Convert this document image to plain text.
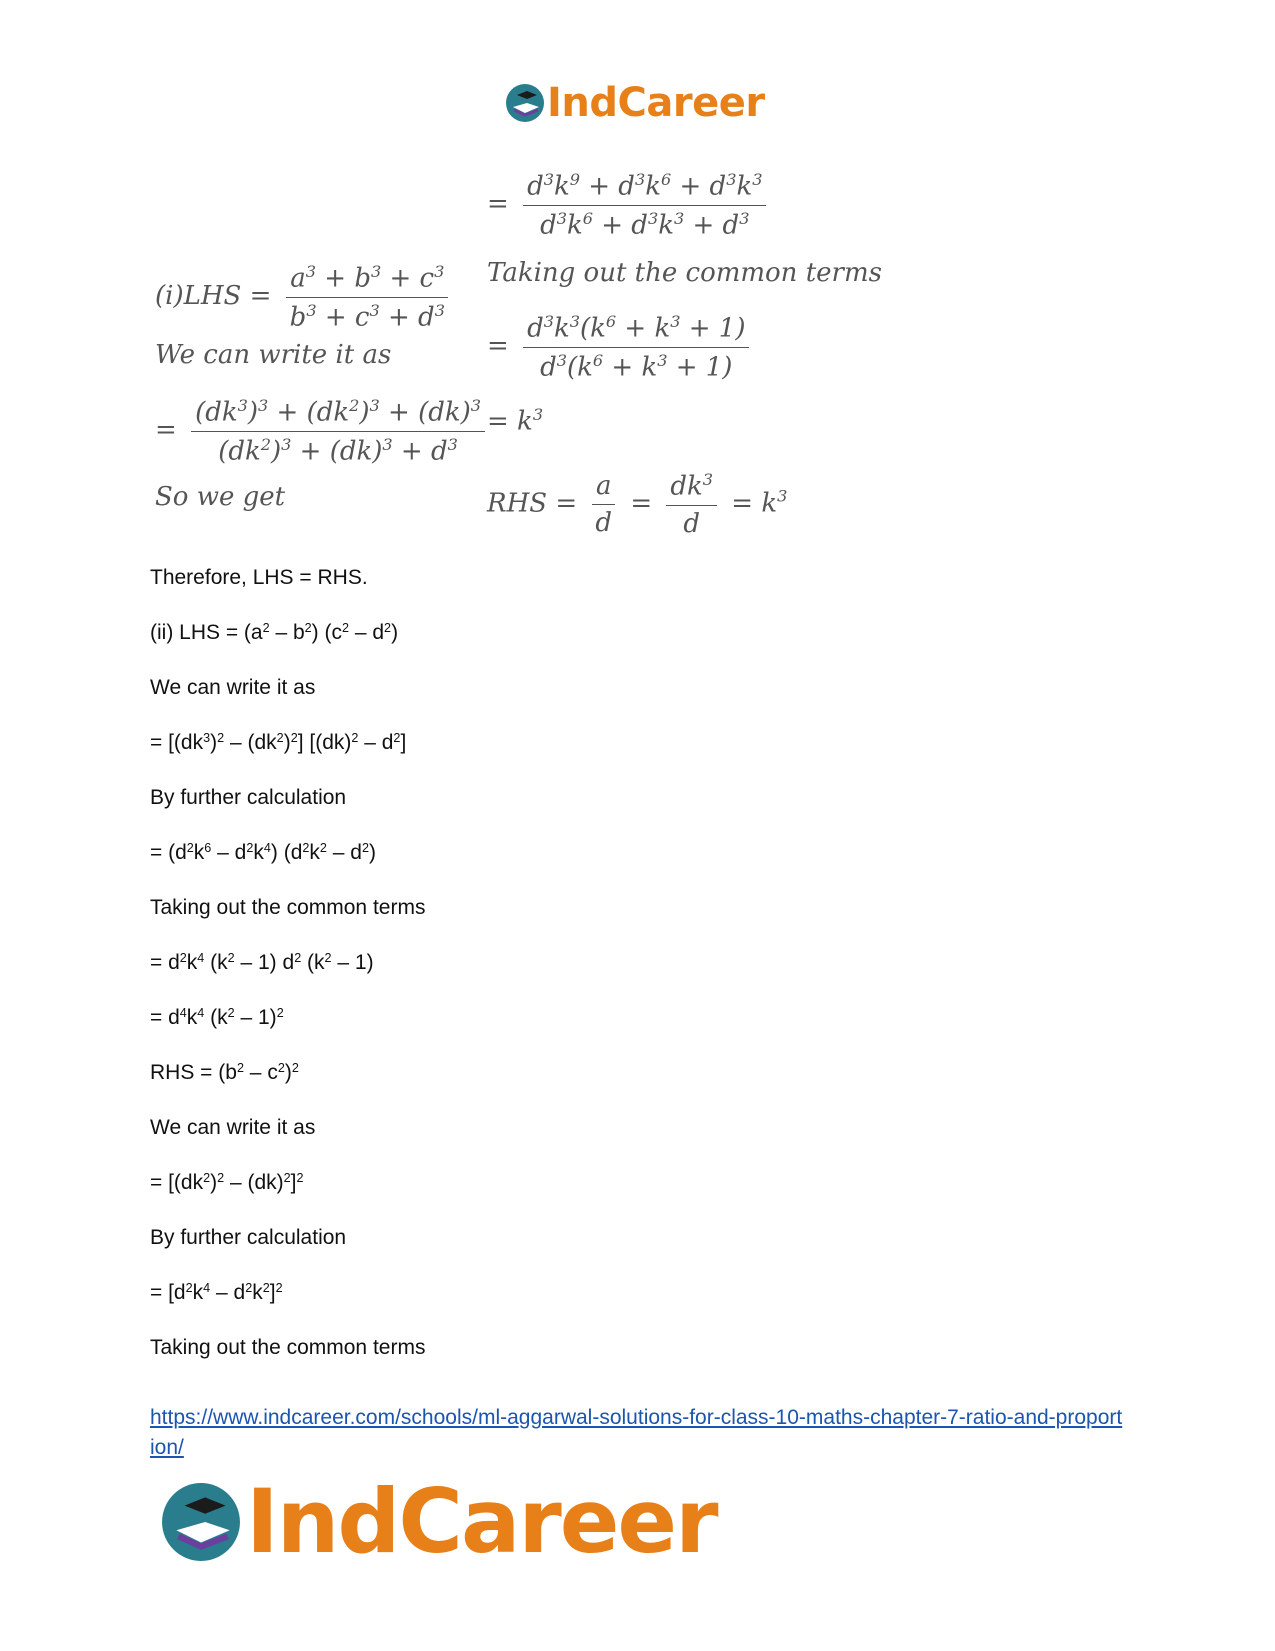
IndCareer
$(i)LHS = \frac{a^3 + b^3 + c^3}{b^3 + c^3 + d^3}$
We can write it as
= $\frac{(dk^3)^3 + (dk^2)^3 + (dk)^3}{(dk^2)^3 + (dk)^3 + d^3}$
So we get
= $\frac{d^3k^9 + d^3k^6 + d^3k^3}{d^3k^6 + d^3k^3 + d^3}$
Taking out the common terms
= $\frac{d^3k^3(k^6 + k^3 + 1)}{d^3(k^6 + k^3 + 1)}$
= $k^3$
RHS = $\frac{a}{d} = \frac{dk^3}{d} = k^3$
Therefore, LHS = RHS.
(ii) LHS = $(a^2 - b^2)$ $(c^2 - d^2)$
We can write it as
= $[(dk^3)^2 - (dk^2)^2]$ $[(dk)^2 - d^2]$
By further calculation
= $(d^2k^6 - d^2k^4)$ $(d^2k^2 - d^2)$
Taking out the common terms
= $d^2k^4$ $(k^2 - 1)$ $d^2$ $(k^2 - 1)$
= $d^4k^4$ $(k^2 - 1)^2$
RHS = $(b^2 - c^2)^2$
We can write it as
= $[(dk^2)^2 - (dk)^2]^2$
By further calculation
= $[d^2k^4 - d^2k^2]^2$
Taking out the common terms
https://www.indcareer.com/schools/ml-aggarwal-solutions-for-class-10-maths-chapter-7-ratio-and-proportion/
IndCareer
